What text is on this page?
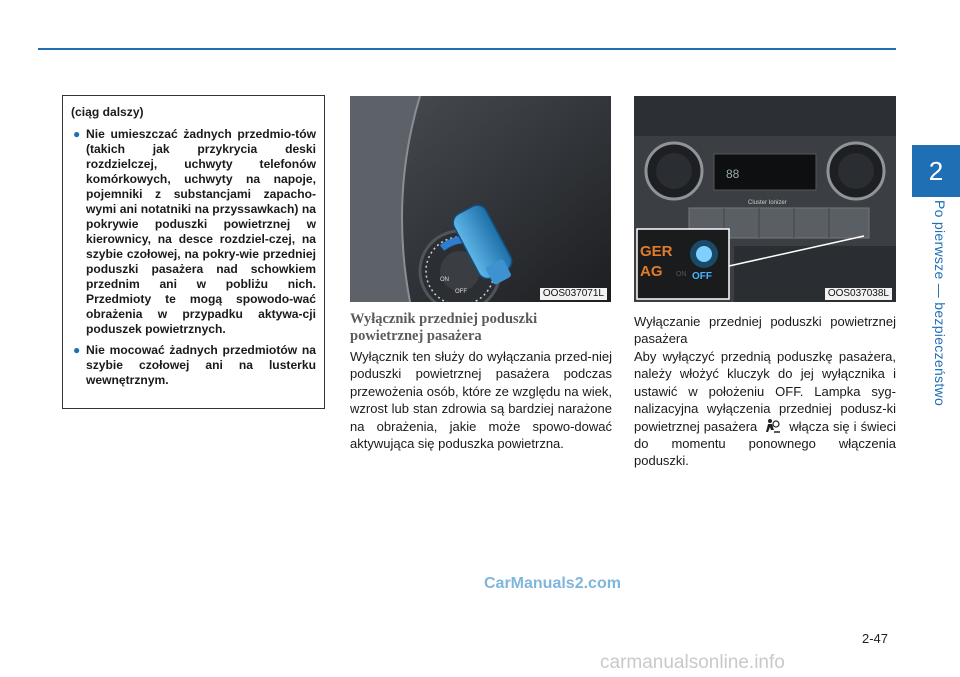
2
Po pierwsze — bezpieczeństwo
(ciąg dalszy)
● Nie umieszczać żadnych przedmio-tów (takich jak przykrycia deski rozdzielczej, uchwyty telefonów komórkowych, uchwyty na napoje, pojemniki z substancjami zapacho-wymi ani notatniki na przyssawkach) na pokrywie poduszki powietrznej w kierownicy, na desce rozdziel-czej, na szybie czołowej, na pokry-wie przedniej poduszki pasażera nad schowkiem przednim ani w pobliżu nich. Przedmioty te mogą spowodo-wać obrażenia w przypadku aktywa-cji poduszek powietrznych.
● Nie mocować żadnych przedmiotów na szybie czołowej ani na lusterku wewnętrznym.
ON
OFF	OOS037071L
88
Cluster Ionizer
GER
AG ON OFF
OOS037038L
Wyłącznik przedniej poduszki powietrznej pasażera
Wyłącznik ten służy do wyłączania przed-niej poduszki powietrznej pasażera podczas przewożenia osób, które ze względu na wiek, wzrost lub stan zdrowia są bardziej narażone na obrażenia, jakie może spowo-dować aktywująca się poduszka powietrzna.
Wyłączanie przedniej poduszki powietrznej pasażera
Aby wyłączyć przednią poduszkę pasażera, należy włożyć kluczyk do jej wyłącznika i ustawić w położeniu OFF. Lampka syg-nalizacyjna wyłączenia przedniej podusz-ki powietrznej pasażera włącza się i świeci do momentu ponownego włączenia poduszki.
CarManuals2.com
2-47
carmanualsonline.info
